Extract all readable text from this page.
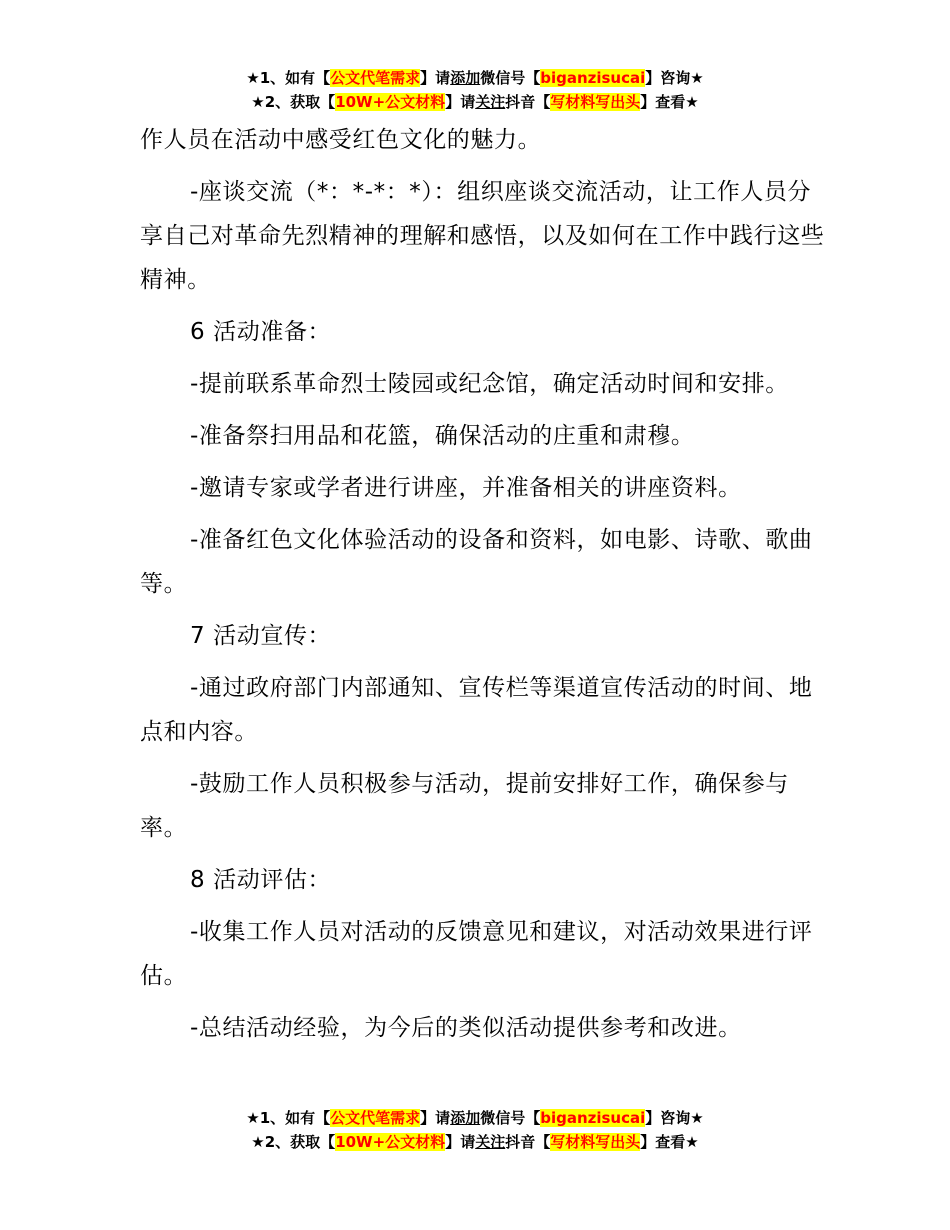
★1、如有【公文代笔需求】请添加微信号【biganzisucai】咨询★
★2、获取【10W+公文材料】请关注抖音【写材料写出头】查看★

作人员在活动中感受红色文化的魅力。

-座谈交流（*：*-*：*）：组织座谈交流活动，让工作人员分享自己对革命先烈精神的理解和感悟，以及如何在工作中践行这些精神。

6 活动准备：

-提前联系革命烈士陵园或纪念馆，确定活动时间和安排。

-准备祭扫用品和花篮，确保活动的庄重和肃穆。

-邀请专家或学者进行讲座，并准备相关的讲座资料。

-准备红色文化体验活动的设备和资料，如电影、诗歌、歌曲等。

7 活动宣传：

-通过政府部门内部通知、宣传栏等渠道宣传活动的时间、地点和内容。

-鼓励工作人员积极参与活动，提前安排好工作，确保参与率。

8 活动评估：

-收集工作人员对活动的反馈意见和建议，对活动效果进行评估。

-总结活动经验，为今后的类似活动提供参考和改进。

★1、如有【公文代笔需求】请添加微信号【biganzisucai】咨询★
★2、获取【10W+公文材料】请关注抖音【写材料写出头】查看★
